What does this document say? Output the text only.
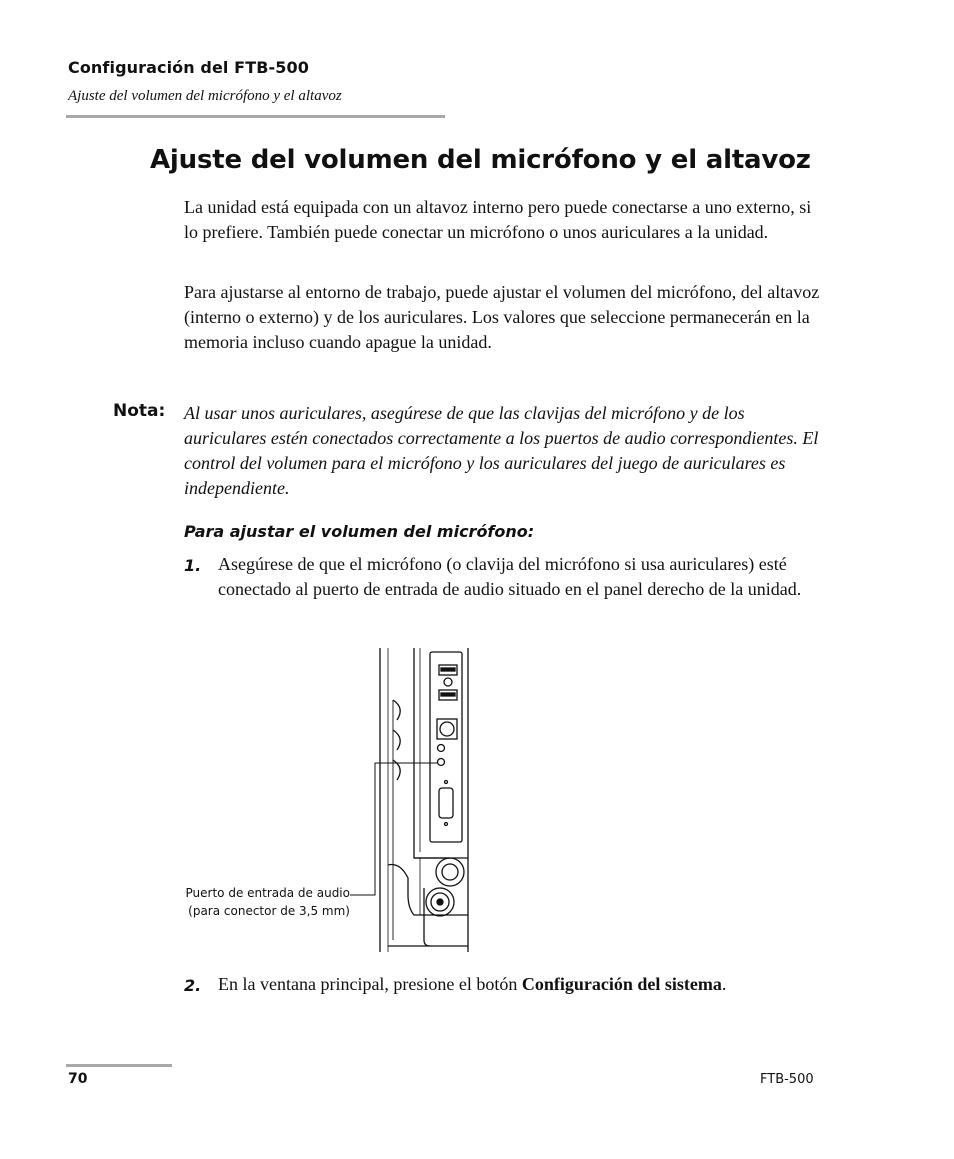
Configuración del FTB-500
Ajuste del volumen del micrófono y el altavoz
Ajuste del volumen del micrófono y el altavoz
La unidad está equipada con un altavoz interno pero puede conectarse a uno externo, si lo prefiere. También puede conectar un micrófono o unos auriculares a la unidad.
Para ajustarse al entorno de trabajo, puede ajustar el volumen del micrófono, del altavoz (interno o externo) y de los auriculares. Los valores que seleccione permanecerán en la memoria incluso cuando apague la unidad.
Nota: Al usar unos auriculares, asegúrese de que las clavijas del micrófono y de los auriculares estén conectados correctamente a los puertos de audio correspondientes. El control del volumen para el micrófono y los auriculares del juego de auriculares es independiente.
Para ajustar el volumen del micrófono:
1. Asegúrese de que el micrófono (o clavija del micrófono si usa auriculares) esté conectado al puerto de entrada de audio situado en el panel derecho de la unidad.
Puerto de entrada de audio
(para conector de 3,5 mm)
2. En la ventana principal, presione el botón Configuración del sistema.
70	FTB-500
